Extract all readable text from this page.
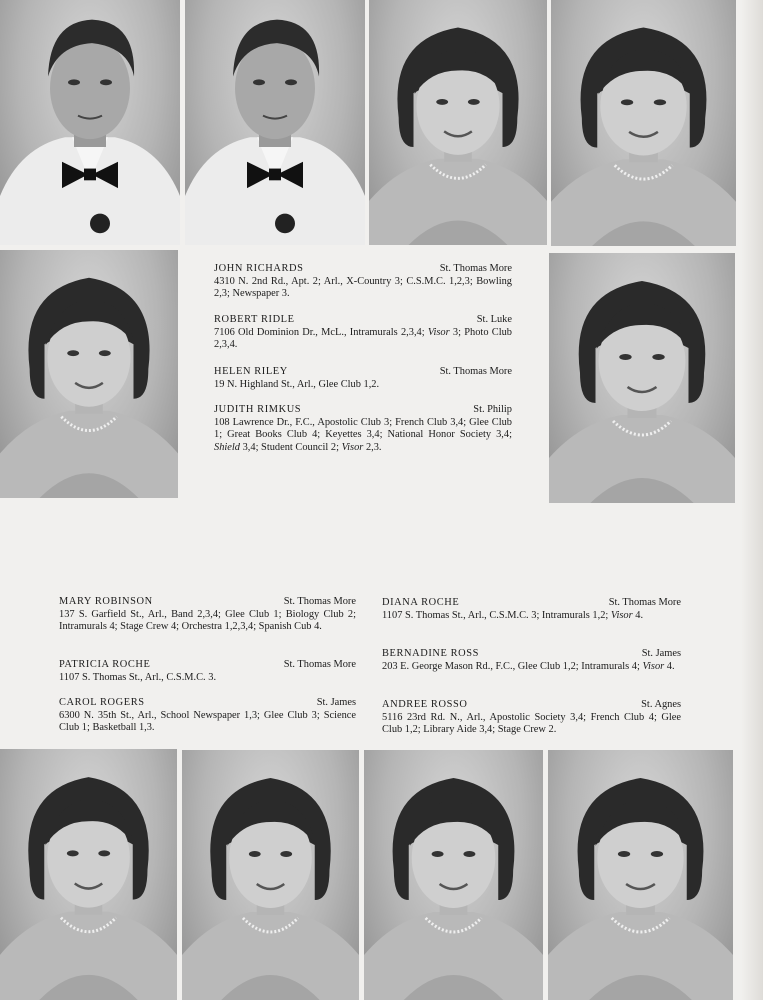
JOHN RICHARDS	St. Thomas More
4310 N. 2nd Rd., Apt. 2; Arl., X-Country 3; C.S.M.C. 1,2,3; Bowling 2,3; Newspaper 3.
ROBERT RIDLE	St. Luke
7106 Old Dominion Dr., McL., Intramurals 2,3,4; Visor 3; Photo Club 2,3,4.
HELEN RILEY	St. Thomas More
19 N. Highland St., Arl., Glee Club 1,2.
JUDITH RIMKUS	St. Philip
108 Lawrence Dr., F.C., Apostolic Club 3; French Club 3,4; Glee Club 1; Great Books Club 4; Keyettes 3,4; National Honor Society 3,4; Shield 3,4; Student Council 2; Visor 2,3.
MARY ROBINSON	St. Thomas More
137 S. Garfield St., Arl., Band 2,3,4; Glee Club 1; Biology Club 2; Intramurals 4; Stage Crew 4; Orchestra 1,2,3,4; Spanish Cub 4.
PATRICIA ROCHE	St. Thomas More
1107 S. Thomas St., Arl., C.S.M.C. 3.
CAROL ROGERS	St. James
6300 N. 35th St., Arl., School Newspaper 1,3; Glee Club 3; Science Club 1; Basketball 1,3.
DIANA ROCHE	St. Thomas More
1107 S. Thomas St., Arl., C.S.M.C. 3; Intramurals 1,2; Visor 4.
BERNADINE ROSS	St. James
203 E. George Mason Rd., F.C., Glee Club 1,2; Intramurals 4; Visor 4.
ANDREE ROSSO	St. Agnes
5116 23rd Rd. N., Arl., Apostolic Society 3,4; French Club 4; Glee Club 1,2; Library Aide 3,4; Stage Crew 2.
